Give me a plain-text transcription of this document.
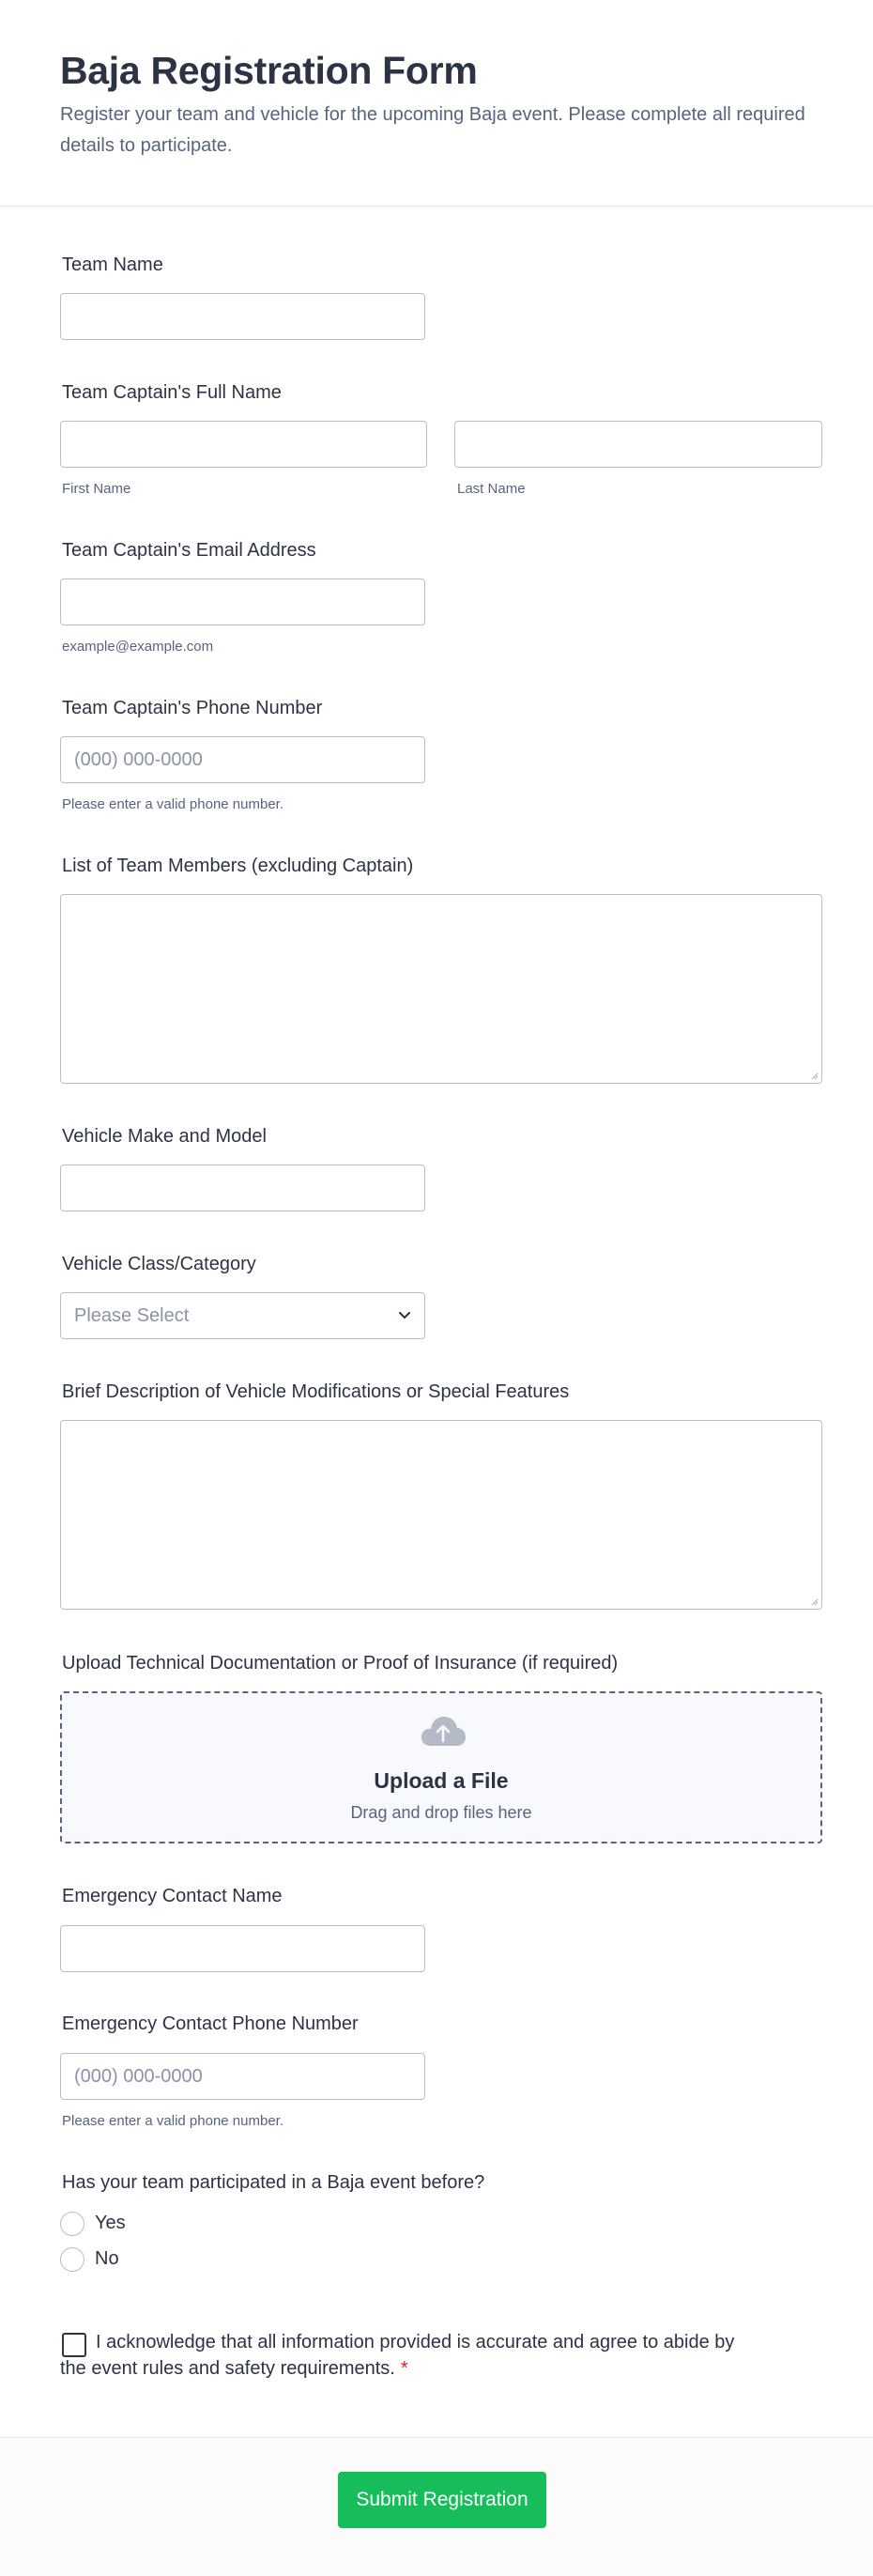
Baja Registration Form
Register your team and vehicle for the upcoming Baja event. Please complete all required details to participate.
Team Name
Team Captain's Full Name
First Name	Last Name
Team Captain's Email Address
example@example.com
Team Captain's Phone Number
(000) 000-0000
Please enter a valid phone number.
List of Team Members (excluding Captain)
Vehicle Make and Model
Vehicle Class/Category
Please Select
Brief Description of Vehicle Modifications or Special Features
Upload Technical Documentation or Proof of Insurance (if required)
Upload a File
Drag and drop files here
Emergency Contact Name
Emergency Contact Phone Number
(000) 000-0000
Please enter a valid phone number.
Has your team participated in a Baja event before?
Yes
No
I acknowledge that all information provided is accurate and agree to abide by the event rules and safety requirements. *
Submit Registration
